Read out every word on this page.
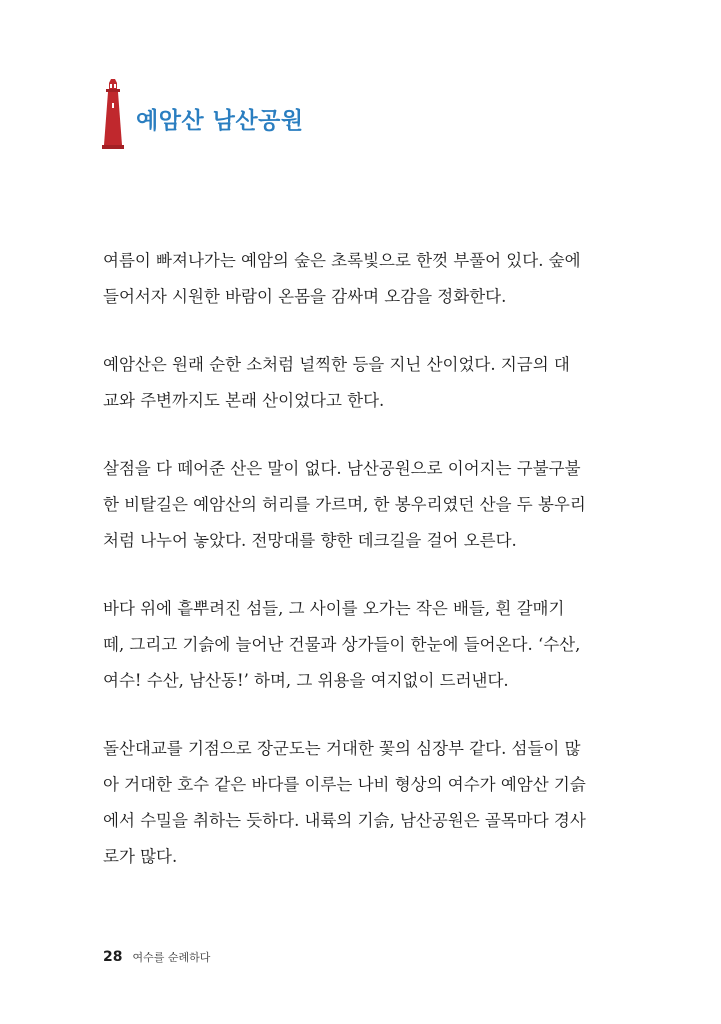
예암산 남산공원
여름이 빠져나가는 예암의 숲은 초록빛으로 한껏 부풀어 있다. 숲에
들어서자 시원한 바람이 온몸을 감싸며 오감을 정화한다.
예암산은 원래 순한 소처럼 널찍한 등을 지닌 산이었다. 지금의 대
교와 주변까지도 본래 산이었다고 한다.
살점을 다 떼어준 산은 말이 없다. 남산공원으로 이어지는 구불구불
한 비탈길은 예암산의 허리를 가르며, 한 봉우리였던 산을 두 봉우리
처럼 나누어 놓았다. 전망대를 향한 데크길을 걸어 오른다.
바다 위에 흩뿌려진 섬들, 그 사이를 오가는 작은 배들, 흰 갈매기
떼, 그리고 기슭에 늘어난 건물과 상가들이 한눈에 들어온다. ‘수산,
여수! 수산, 남산동!’ 하며, 그 위용을 여지없이 드러낸다.
돌산대교를 기점으로 장군도는 거대한 꽃의 심장부 같다. 섬들이 많
아 거대한 호수 같은 바다를 이루는 나비 형상의 여수가 예암산 기슭
에서 수밀을 취하는 듯하다. 내륙의 기슭, 남산공원은 골목마다 경사
로가 많다.
28 여수를 순례하다
